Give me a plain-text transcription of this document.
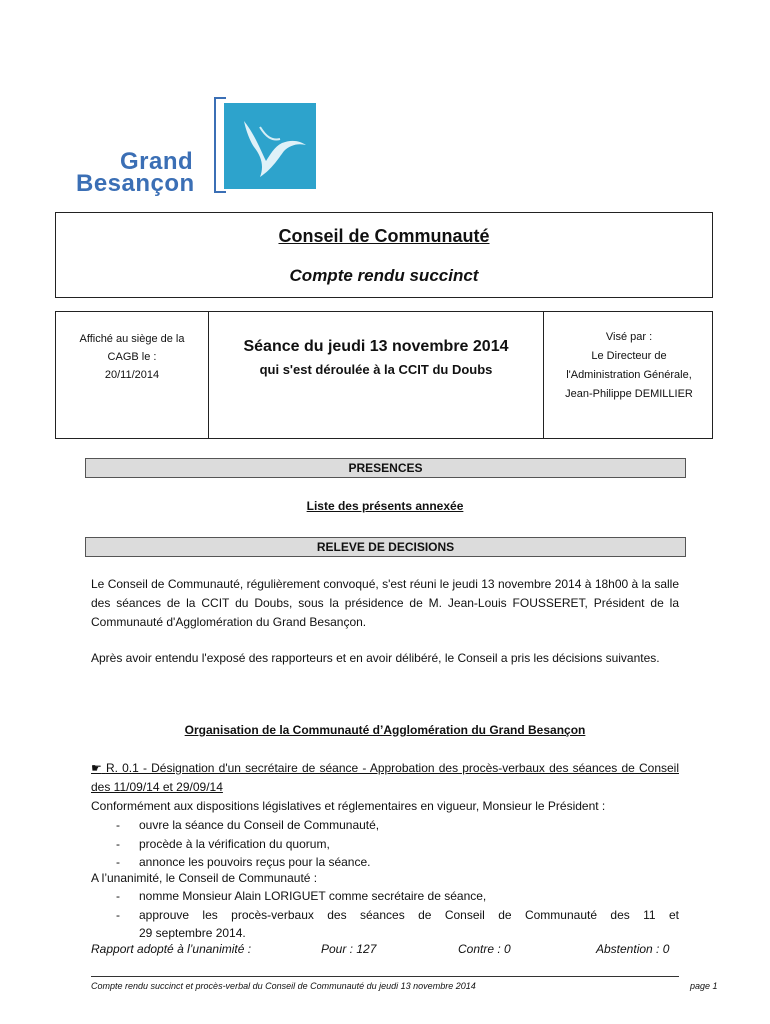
Grand
Besançon
Conseil de Communauté
Compte rendu succinct
Affiché au siège de la
CAGB le :
20/11/2014
Séance du jeudi 13 novembre 2014
qui s'est déroulée à la CCIT du Doubs
Visé par :
Le Directeur de
l'Administration Générale,
Jean-Philippe DEMILLIER
PRESENCES
Liste des présents annexée
RELEVE DE DECISIONS
Le Conseil de Communauté, régulièrement convoqué, s'est réuni le jeudi 13 novembre 2014 à 18h00 à la salle des séances de la CCIT du Doubs, sous la présidence de M. Jean-Louis FOUSSERET, Président de la Communauté d'Agglomération du Grand Besançon.
Après avoir entendu l'exposé des rapporteurs et en avoir délibéré, le Conseil a pris les décisions suivantes.
Organisation de la Communauté d’Agglomération du Grand Besançon
☛ R. 0.1 - Désignation d'un secrétaire de séance - Approbation des procès-verbaux des séances de Conseil des 11/09/14 et 29/09/14
Conformément aux dispositions législatives et réglementaires en vigueur, Monsieur le Président :
- ouvre la séance du Conseil de Communauté,
- procède à la vérification du quorum,
- annonce les pouvoirs reçus pour la séance.
A l’unanimité, le Conseil de Communauté :
- nomme Monsieur Alain LORIGUET comme secrétaire de séance,
- approuve les procès-verbaux des séances de Conseil de Communauté des 11 et
29 septembre 2014.
Rapport adopté à l’unanimité :	Pour : 127	Contre : 0	Abstention : 0
Compte rendu succinct et procès-verbal du Conseil de Communauté du jeudi 13 novembre 2014	page 1
